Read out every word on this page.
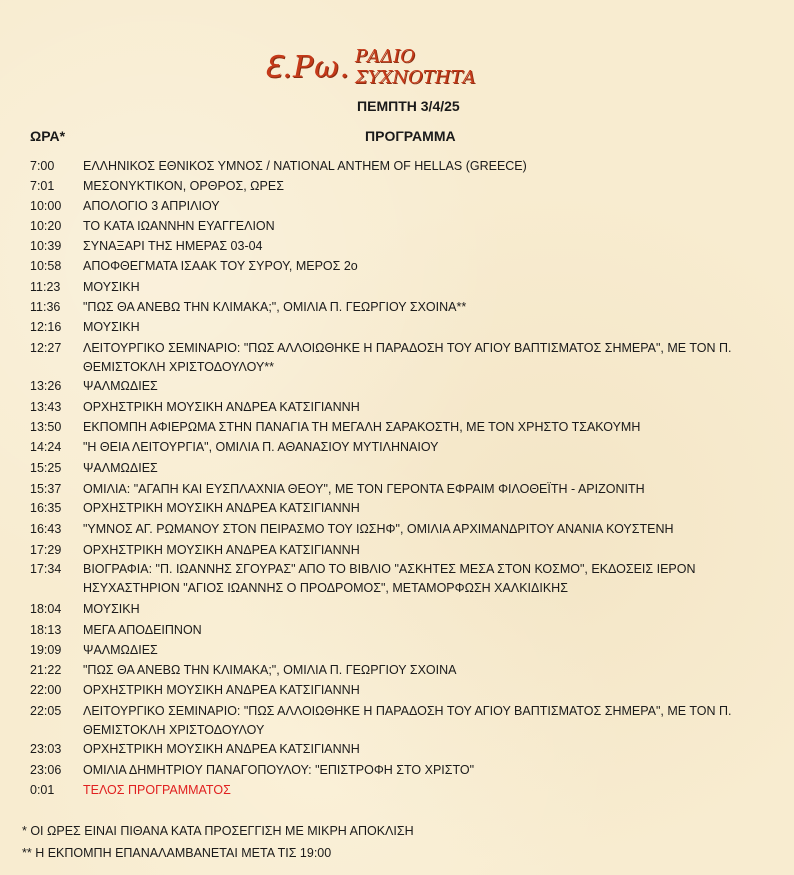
ℇ.Ρω. ΡΑΔΙΟ
ΣΥΧΝΟΤΗΤΑ
ΠΕΜΠΤΗ 3/4/25
ΩΡΑ*	ΠΡΟΓΡΑΜΜΑ
7:00	ΕΛΛΗΝΙΚΟΣ ΕΘΝΙΚΟΣ ΥΜΝΟΣ / NATIONAL ANTHEM OF HELLAS (GREECE)
7:01	ΜΕΣΟΝΥΚΤΙΚΟΝ, ΟΡΘΡΟΣ, ΩΡΕΣ
10:00	ΑΠΟΛΟΓΙΟ 3 ΑΠΡΙΛΙΟΥ
10:20	ΤΟ ΚΑΤΑ ΙΩΑΝΝΗΝ ΕΥΑΓΓΕΛΙΟΝ
10:39	ΣΥΝΑΞΑΡΙ ΤΗΣ ΗΜΕΡΑΣ 03-04
10:58	ΑΠΟΦΘΕΓΜΑΤΑ ΙΣΑΑΚ ΤΟΥ ΣΥΡΟΥ, ΜΕΡΟΣ 2ο
11:23	ΜΟΥΣΙΚΗ
11:36	"ΠΩΣ ΘΑ ΑΝΕΒΩ ΤΗΝ ΚΛΙΜΑΚΑ;", ΟΜΙΛΙΑ Π. ΓΕΩΡΓΙΟΥ ΣΧΟΙΝΑ**
12:16	ΜΟΥΣΙΚΗ
12:27	ΛΕΙΤΟΥΡΓΙΚΟ ΣΕΜΙΝΑΡΙΟ: "ΠΩΣ ΑΛΛΟΙΩΘΗΚΕ Η ΠΑΡΑΔΟΣΗ ΤΟΥ ΑΓΙΟΥ ΒΑΠΤΙΣΜΑΤΟΣ ΣΗΜΕΡΑ", ΜΕ ΤΟΝ Π. ΘΕΜΙΣΤΟΚΛΗ ΧΡΙΣΤΟΔΟΥΛΟΥ**
13:26	ΨΑΛΜΩΔΙΕΣ
13:43	ΟΡΧΗΣΤΡΙΚΗ ΜΟΥΣΙΚΗ ΑΝΔΡΕΑ ΚΑΤΣΙΓΙΑΝΝΗ
13:50	ΕΚΠΟΜΠΗ ΑΦΙΕΡΩΜΑ ΣΤΗΝ ΠΑΝΑΓΙΑ ΤΗ ΜΕΓΑΛΗ ΣΑΡΑΚΟΣΤΗ, ΜΕ ΤΟΝ ΧΡΗΣΤΟ ΤΣΑΚΟΥΜΗ
14:24	"Η ΘΕΙΑ ΛΕΙΤΟΥΡΓΙΑ", ΟΜΙΛΙΑ Π. ΑΘΑΝΑΣΙΟΥ ΜΥΤΙΛΗΝΑΙΟΥ
15:25	ΨΑΛΜΩΔΙΕΣ
15:37	ΟΜΙΛΙΑ: "ΑΓΑΠΗ ΚΑΙ ΕΥΣΠΛΑΧΝΙΑ ΘΕΟΥ", ΜΕ ΤΟΝ ΓΕΡΟΝΤΑ ΕΦΡΑΙΜ ΦΙΛΟΘΕΪΤΗ - ΑΡΙΖΟΝΙΤΗ
16:35	ΟΡΧΗΣΤΡΙΚΗ ΜΟΥΣΙΚΗ ΑΝΔΡΕΑ ΚΑΤΣΙΓΙΑΝΝΗ
16:43	"ΥΜΝΟΣ ΑΓ. ΡΩΜΑΝΟΥ ΣΤΟΝ ΠΕΙΡΑΣΜΟ ΤΟΥ ΙΩΣΗΦ", ΟΜΙΛΙΑ ΑΡΧΙΜΑΝΔΡΙΤΟΥ ΑΝΑΝΙΑ ΚΟΥΣΤΕΝΗ
17:29	ΟΡΧΗΣΤΡΙΚΗ ΜΟΥΣΙΚΗ ΑΝΔΡΕΑ ΚΑΤΣΙΓΙΑΝΝΗ
17:34	ΒΙΟΓΡΑΦΙΑ: "Π. ΙΩΑΝΝΗΣ ΣΓΟΥΡΑΣ" ΑΠΟ ΤΟ ΒΙΒΛΙΟ "ΑΣΚΗΤΕΣ ΜΕΣΑ ΣΤΟΝ ΚΟΣΜΟ", ΕΚΔΟΣΕΙΣ ΙΕΡΟΝ ΗΣΥΧΑΣΤΗΡΙΟΝ "ΑΓΙΟΣ ΙΩΑΝΝΗΣ Ο ΠΡΟΔΡΟΜΟΣ", ΜΕΤΑΜΟΡΦΩΣΗ ΧΑΛΚΙΔΙΚΗΣ
18:04	ΜΟΥΣΙΚΗ
18:13	ΜΕΓΑ ΑΠΟΔΕΙΠΝΟΝ
19:09	ΨΑΛΜΩΔΙΕΣ
21:22	"ΠΩΣ ΘΑ ΑΝΕΒΩ ΤΗΝ ΚΛΙΜΑΚΑ;", ΟΜΙΛΙΑ Π. ΓΕΩΡΓΙΟΥ ΣΧΟΙΝΑ
22:00	ΟΡΧΗΣΤΡΙΚΗ ΜΟΥΣΙΚΗ ΑΝΔΡΕΑ ΚΑΤΣΙΓΙΑΝΝΗ
22:05	ΛΕΙΤΟΥΡΓΙΚΟ ΣΕΜΙΝΑΡΙΟ: "ΠΩΣ ΑΛΛΟΙΩΘΗΚΕ Η ΠΑΡΑΔΟΣΗ ΤΟΥ ΑΓΙΟΥ ΒΑΠΤΙΣΜΑΤΟΣ ΣΗΜΕΡΑ", ΜΕ ΤΟΝ Π. ΘΕΜΙΣΤΟΚΛΗ ΧΡΙΣΤΟΔΟΥΛΟΥ
23:03	ΟΡΧΗΣΤΡΙΚΗ ΜΟΥΣΙΚΗ ΑΝΔΡΕΑ ΚΑΤΣΙΓΙΑΝΝΗ
23:06	ΟΜΙΛΙΑ ΔΗΜΗΤΡΙΟΥ ΠΑΝΑΓΟΠΟΥΛΟΥ: "ΕΠΙΣΤΡΟΦΗ ΣΤΟ ΧΡΙΣΤΟ"
0:01	ΤΕΛΟΣ ΠΡΟΓΡΑΜΜΑΤΟΣ
* ΟΙ ΩΡΕΣ ΕΙΝΑΙ ΠΙΘΑΝΑ ΚΑΤΑ ΠΡΟΣΕΓΓΙΣΗ ΜΕ ΜΙΚΡΗ ΑΠΟΚΛΙΣΗ
** Η ΕΚΠΟΜΠΗ ΕΠΑΝΑΛΑΜΒΑΝΕΤΑΙ ΜΕΤΑ ΤΙΣ 19:00
